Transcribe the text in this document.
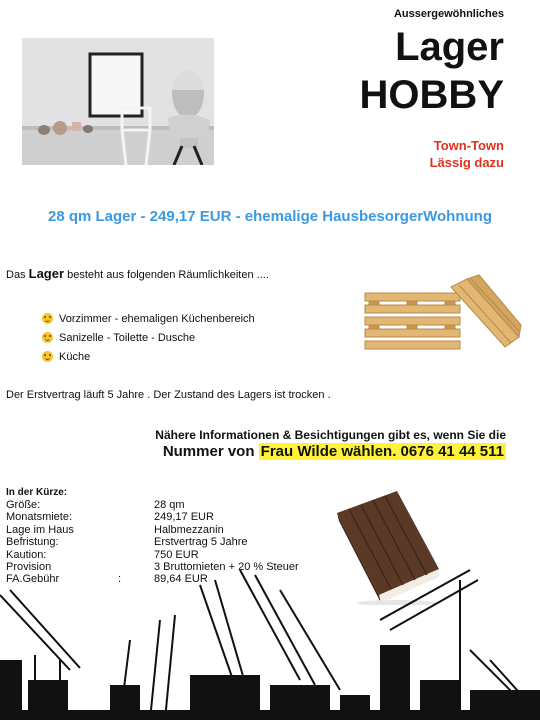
Aussergewöhnliches
Lager
HOBBY
Town-Town
Lässig dazu
28 qm Lager - 249,17 EUR - ehemalige HausbesorgerWohnung
Das Lager besteht aus folgenden Räumlichkeiten ....
Vorzimmer - ehemaligen Küchenbereich
Sanizelle - Toilette - Dusche
Küche
Der Erstvertrag läuft 5 Jahre . Der Zustand des Lagers ist trocken .
Nähere Informationen & Besichtigungen gibt es, wenn Sie die
Nummer von Frau Wilde wählen. 0676 41 44 511
In der Kürze:
Größe:	28 qm
Monatsmiete:	249,17 EUR
Lage im Haus	Halbmezzanin
Befristung:	Erstvertrag 5 Jahre
Kaution:	750 EUR
Provision	3 Bruttomieten + 20 % Steuer
FA.Gebühr	:	89,64 EUR
